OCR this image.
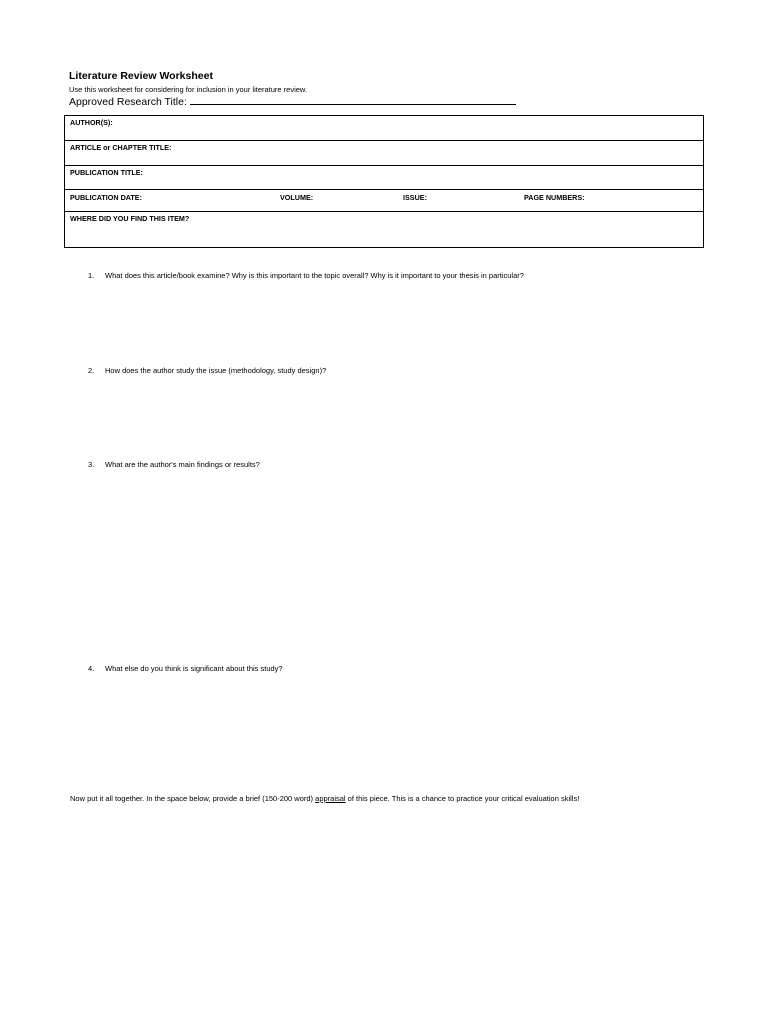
Literature Review Worksheet
Use this worksheet for considering for inclusion in your literature review.
Approved Research Title:
AUTHOR(S):

ARTICLE or CHAPTER TITLE:

PUBLICATION TITLE:

PUBLICATION DATE:	VOLUME:	ISSUE:	PAGE NUMBERS:

WHERE DID YOU FIND THIS ITEM?
1. What does this article/book examine? Why is this important to the topic overall? Why is it important to your thesis in particular?
2. How does the author study the issue (methodology, study design)?
3. What are the author's main findings or results?
4. What else do you think is significant about this study?
Now put it all together. In the space below, provide a brief (150-200 word) appraisal of this piece. This is a chance to practice your critical evaluation skills!
